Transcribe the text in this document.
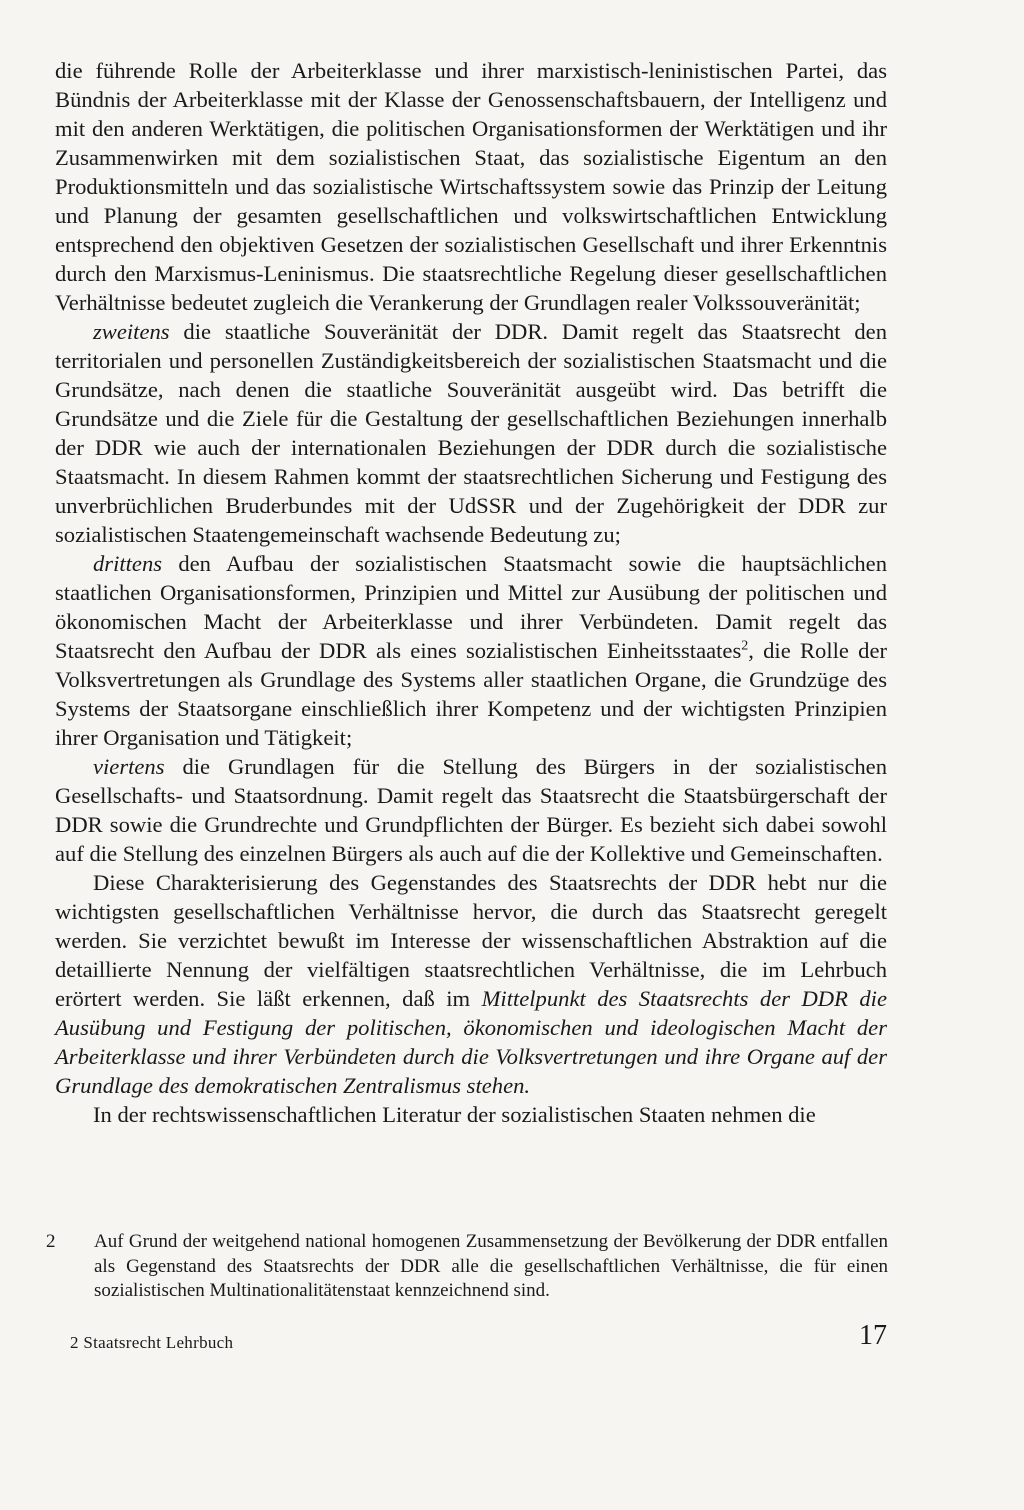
die führende Rolle der Arbeiterklasse und ihrer marxistisch-leninistischen Partei, das Bündnis der Arbeiterklasse mit der Klasse der Genossenschaftsbauern, der Intelligenz und mit den anderen Werktätigen, die politischen Organisationsformen der Werktätigen und ihr Zusammenwirken mit dem sozialistischen Staat, das sozialistische Eigentum an den Produktionsmitteln und das sozialistische Wirtschaftssystem sowie das Prinzip der Leitung und Planung der gesamten gesellschaftlichen und volkswirtschaftlichen Entwicklung entsprechend den objektiven Gesetzen der sozialistischen Gesellschaft und ihrer Erkenntnis durch den Marxismus-Leninismus. Die staatsrechtliche Regelung dieser gesellschaftlichen Verhältnisse bedeutet zugleich die Verankerung der Grundlagen realer Volkssouveränität;

zweitens die staatliche Souveränität der DDR. Damit regelt das Staatsrecht den territorialen und personellen Zuständigkeitsbereich der sozialistischen Staatsmacht und die Grundsätze, nach denen die staatliche Souveränität ausgeübt wird. Das betrifft die Grundsätze und die Ziele für die Gestaltung der gesellschaftlichen Beziehungen innerhalb der DDR wie auch der internationalen Beziehungen der DDR durch die sozialistische Staatsmacht. In diesem Rahmen kommt der staatsrechtlichen Sicherung und Festigung des unverbrüchlichen Bruderbundes mit der UdSSR und der Zugehörigkeit der DDR zur sozialistischen Staatengemeinschaft wachsende Bedeutung zu;

drittens den Aufbau der sozialistischen Staatsmacht sowie die hauptsächlichen staatlichen Organisationsformen, Prinzipien und Mittel zur Ausübung der politischen und ökonomischen Macht der Arbeiterklasse und ihrer Verbündeten. Damit regelt das Staatsrecht den Aufbau der DDR als eines sozialistischen Einheitsstaates$^2$, die Rolle der Volksvertretungen als Grundlage des Systems aller staatlichen Organe, die Grundzüge des Systems der Staatsorgane einschließlich ihrer Kompetenz und der wichtigsten Prinzipien ihrer Organisation und Tätigkeit;

viertens die Grundlagen für die Stellung des Bürgers in der sozialistischen Gesellschafts- und Staatsordnung. Damit regelt das Staatsrecht die Staatsbürgerschaft der DDR sowie die Grundrechte und Grundpflichten der Bürger. Es bezieht sich dabei sowohl auf die Stellung des einzelnen Bürgers als auch auf die der Kollektive und Gemeinschaften.

Diese Charakterisierung des Gegenstandes des Staatsrechts der DDR hebt nur die wichtigsten gesellschaftlichen Verhältnisse hervor, die durch das Staatsrecht geregelt werden. Sie verzichtet bewußt im Interesse der wissenschaftlichen Abstraktion auf die detaillierte Nennung der vielfältigen staatsrechtlichen Verhältnisse, die im Lehrbuch erörtert werden. Sie läßt erkennen, daß im Mittelpunkt des Staatsrechts der DDR die Ausübung und Festigung der politischen, ökonomischen und ideologischen Macht der Arbeiterklasse und ihrer Verbündeten durch die Volksvertretungen und ihre Organe auf der Grundlage des demokratischen Zentralismus stehen.

In der rechtswissenschaftlichen Literatur der sozialistischen Staaten nehmen die

2 Auf Grund der weitgehend national homogenen Zusammensetzung der Bevölkerung der DDR entfallen als Gegenstand des Staatsrechts der DDR alle die gesellschaftlichen Verhältnisse, die für einen sozialistischen Multinationalitätenstaat kennzeichnend sind.

2 Staatsrecht Lehrbuch	17
